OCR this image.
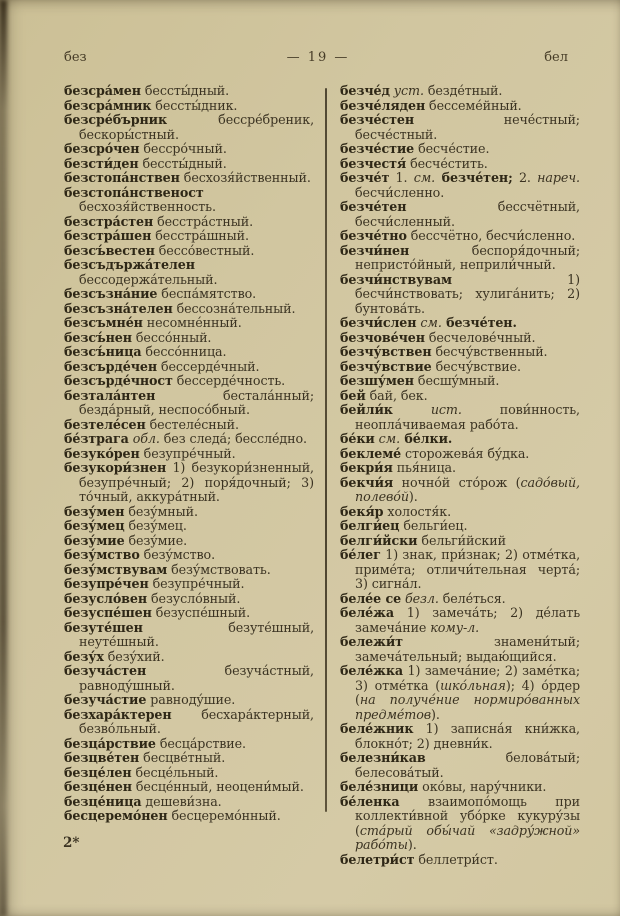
без	— 19 —	бел
безсра́мен бессты́дный.
безсра́мник бессты́дник.
безсре́бърник бессре́бреник, бескоры́стный.
безсро́чен бессро́чный.
безсти́ден бессты́дный.
безстопа́нствен бесхозя́йственный.
безстопа́нственост бесхозя́йственность.
безстра́стен бесстра́стный.
безстра́шен бесстра́шный.
безсъ́вестен бессо́вестный.
безсъдържа́телен бессодержа́тельный.
безсъзна́ние беспа́мятство.
безсъзна́телен бессозна́тельный.
безсъмне́н несомне́нный.
безсъ́нен бессо́нный.
безсъ́ница бессо́нница.
безсърде́чен бессерде́чный.
безсърде́чност бессерде́чность.
безтала́нтен бестала́нный; безда́рный, неспосо́бный.
безтеле́сен бестеле́сный.
бе́зтрага обл. без следа́; бессле́дно.
безуко́рен безупре́чный.
безукори́знен 1) безукори́зненный, безупре́чный; 2) поря́дочный; 3) то́чный, аккура́тный.
безу́мен безу́мный.
безу́мец безу́мец.
безу́мие безу́мие.
безу́мство безу́мство.
безу́мствувам безу́мствовать.
безупре́чен безупре́чный.
безусло́вен безусло́вный.
безуспе́шен безуспе́шный.
безуте́шен безуте́шный, неуте́шный.
безу́х безу́хий.
безуча́стен безуча́стный, равноду́шный.
безуча́стие равноду́шие.
безхара́ктерен бесхара́ктерный, безво́льный.
безца́рствие бесца́рствие.
безцве́тен бесцве́тный.
безце́лен бесце́льный.
безце́нен бесце́нный, неоцени́мый.
безце́ница дешеви́зна.
бесцеремо́нен бесцеремо́нный.
безче́д уст. безде́тный.
безче́ляден бессеме́йный.
безче́стен нече́стный; бесче́стный.
безче́стие бесче́стие.
безчестя́ бесче́стить.
безче́т 1. см. безче́тен; 2. нареч. бесчи́сленно.
безче́тен бессчётный, бесчи́сленный.
безче́тно бессчётно, бесчи́сленно.
безчи́нен беспоря́дочный; непристо́йный, неприли́чный.
безчи́нствувам 1) бесчи́нствовать; хулига́нить; 2) бунтова́ть.
безчи́слен см. безче́тен.
безчове́чен бесчелове́чный.
безчу́вствен бесчу́вственный.
безчу́вствие бесчу́вствие.
безшу́мен бесшу́мный.
бей бай, бек.
бейли́к ист. пови́нность, неопла́чиваемая рабо́та.
бе́ки см. бе́лки.
беклеме́ сторожева́я бу́дка.
бекри́я пья́ница.
бекчи́я ночно́й сто́рож (садо́вый, полево́й).
бекя́р холостя́к.
белги́ец бельги́ец.
белги́йски бельги́йский
бе́лег 1) знак, при́знак; 2) отме́тка, приме́та; отличи́тельная черта́; 3) сигна́л.
беле́е се безл. беле́ться.
беле́жа 1) замеча́ть; 2) де́лать замеча́ние кому-л.
бележи́т знамени́тый; замеча́тельный; выдаю́щийся.
беле́жка 1) замеча́ние; 2) заме́тка; 3) отме́тка (шко́льная); 4) о́рдер (на получе́ние нормиро́ванных предме́тов).
беле́жник 1) записна́я кни́жка, блокно́т; 2) дневни́к.
белезни́кав белова́тый; белесова́тый.
беле́зници око́вы, нару́чники.
бе́ленка взаимопо́мощь при коллекти́вной убо́рке кукуру́зы (ста́рый обы́чай «задру́жной» рабо́ты).
белетри́ст беллетри́ст.
2*
